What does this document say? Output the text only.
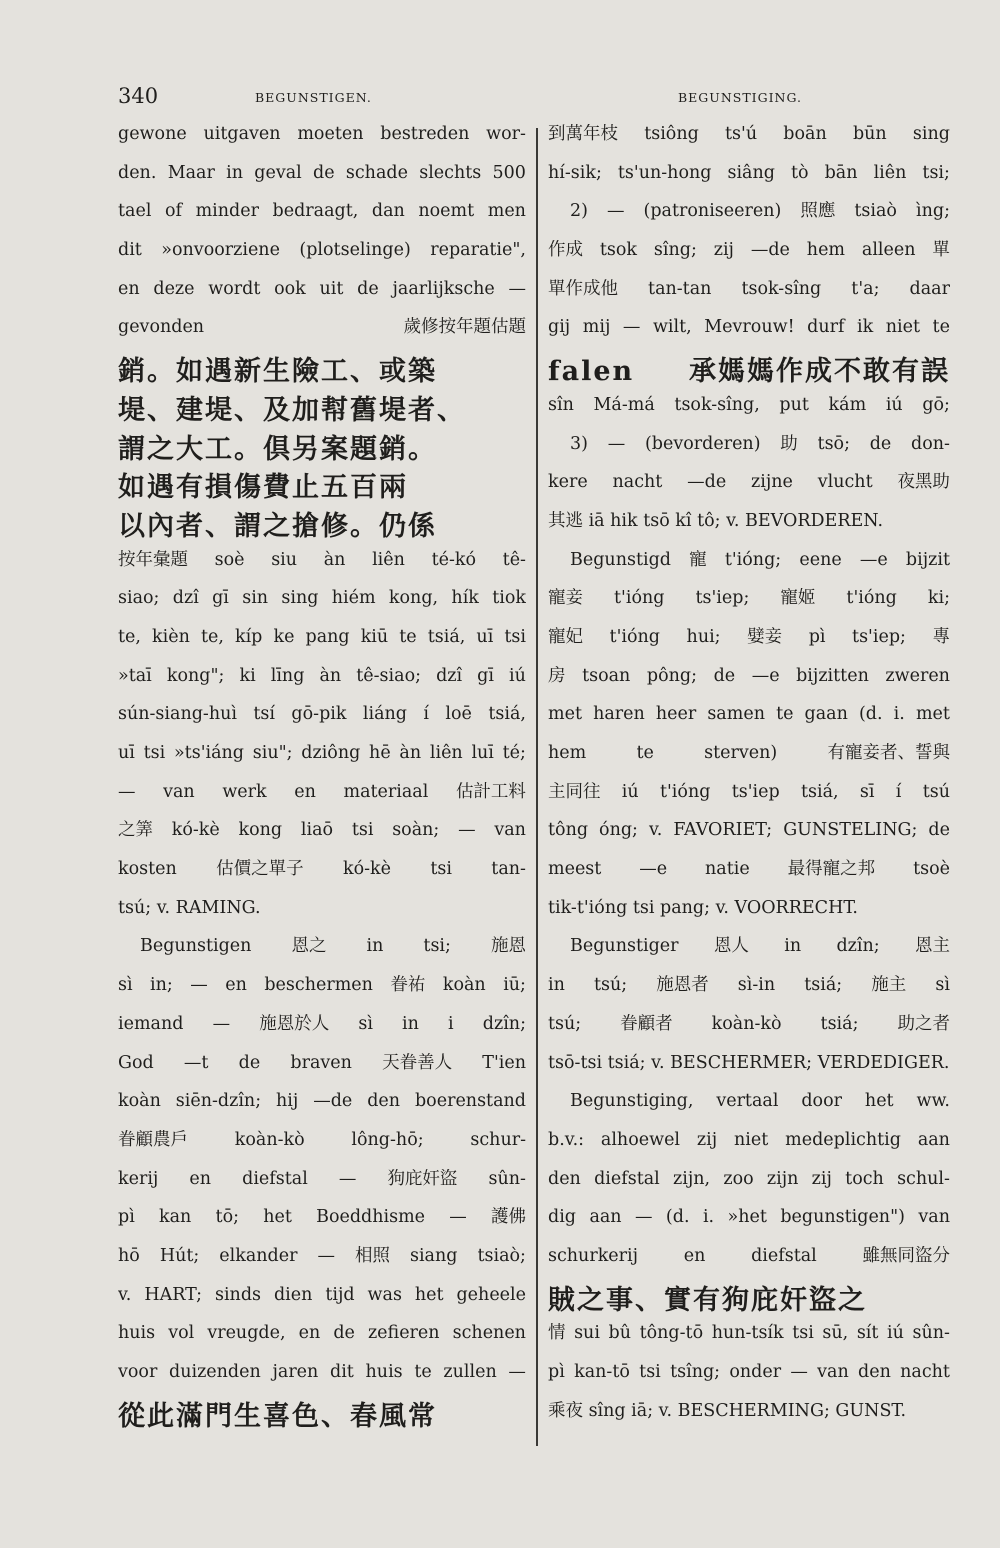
340	BEGUNSTIGEN.	BEGUNSTIGING.
gewone uitgaven moeten bestreden wor-
den. Maar in geval de schade slechts 500
tael of minder bedraagt, dan noemt men
dit »onvoorziene (plotselinge) reparatie",
en deze wordt ook uit de jaarlijksche —
gevonden	歲修按年題估題
銷。如遇新生險工、或築
堤、建堤、及加幇舊堤者、
謂之大工。倶另案題銷。
如遇有損傷費止五百兩
以內者、謂之搶修。仍係
按年彙題 soè siu àn liên té-kó tê-
siao; dzî gī sin sing hiém kong, hík tiok
te, kièn te, kíp ke pang kiū te tsiá, uī tsi
»taī kong"; ki līng àn tê-siao; dzî gī iú
sún-siang-huì tsí gō-pik liáng í loē tsiá,
uī tsi »ts'iáng siu"; dziông hē àn liên luī té;
— van werk en materiaal 估計工料
之筭 kó-kè kong liaō tsi soàn; — van
kosten 估價之單子 kó-kè tsi tan-
tsú; v. RAMING.
Begunstigen 恩之 in tsi; 施恩
sì in; — en beschermen 眷祐 koàn iū;
iemand — 施恩於人 sì in i dzîn;
God —t de braven 天眷善人 T'ien
koàn siēn-dzîn; hij —de den boerenstand
眷顧農戶	koàn-kò	lông-hō;	schur-
kerij en diefstal — 狗庇奸盜 sûn-
pì kan tō; het Boeddhisme — 護佛
hō Hút; elkander — 相照 siang tsiaò;
v. HART; sinds dien tijd was het geheele
huis vol vreugde, en de zefieren schenen
voor duizenden jaren dit huis te zullen —
從此滿門生喜色、春風常
到萬年枝 tsiông ts'ú boān būn sing
hí-sik; ts'un-hong siâng tò bān liên tsi;
2) — (patroniseeren) 照應 tsiaò ìng;
作成 tsok sîng; zij —de hem alleen 單
單作成他 tan-tan tsok-sîng t'a; daar
gij mij — wilt, Mevrouw! durf ik niet te
falen 承媽媽作成不敢有誤
sîn Má-má tsok-sîng, put kám iú gō;
3) — (bevorderen) 助 tsō; de don-
kere nacht —de zijne vlucht 夜黑助
其逃 iā hik tsō kî tô; v. BEVORDEREN.
Begunstigd 寵 t'ióng; eene —e bijzit
寵妾 t'ióng ts'iep; 寵姬 t'ióng ki;
寵妃 t'ióng hui; 嬖妾 pì ts'iep; 專
房 tsoan pông; de —e bijzitten zweren
met haren heer samen te gaan (d. i. met
hem	te	sterven)	有寵妾者、誓與
主同往 iú t'ióng ts'iep tsiá, sī í tsú
tông óng; v. FAVORIET; GUNSTELING; de
meest —e natie 最得寵之邦 tsoè
tik-t'ióng tsi pang; v. VOORRECHT.
Begunstiger 恩人 in dzîn; 恩主
in tsú; 施恩者 sì-in tsiá; 施主 sì
tsú; 眷顧者 koàn-kò tsiá; 助之者
tsō-tsi tsiá; v. BESCHERMER; VERDEDIGER.
Begunstiging, vertaal door het ww.
b.v.: alhoewel zij niet medeplichtig aan
den diefstal zijn, zoo zijn zij toch schul-
dig aan — (d. i. »het begunstigen") van
schurkerij	en	diefstal	雖無同盜分
賊之事、實有狗庇奸盜之
情 sui bû tông-tō hun-tsík tsi sū, sít iú sûn-
pì kan-tō tsi tsîng; onder — van den nacht
乘夜 sîng iā; v. BESCHERMING; GUNST.
